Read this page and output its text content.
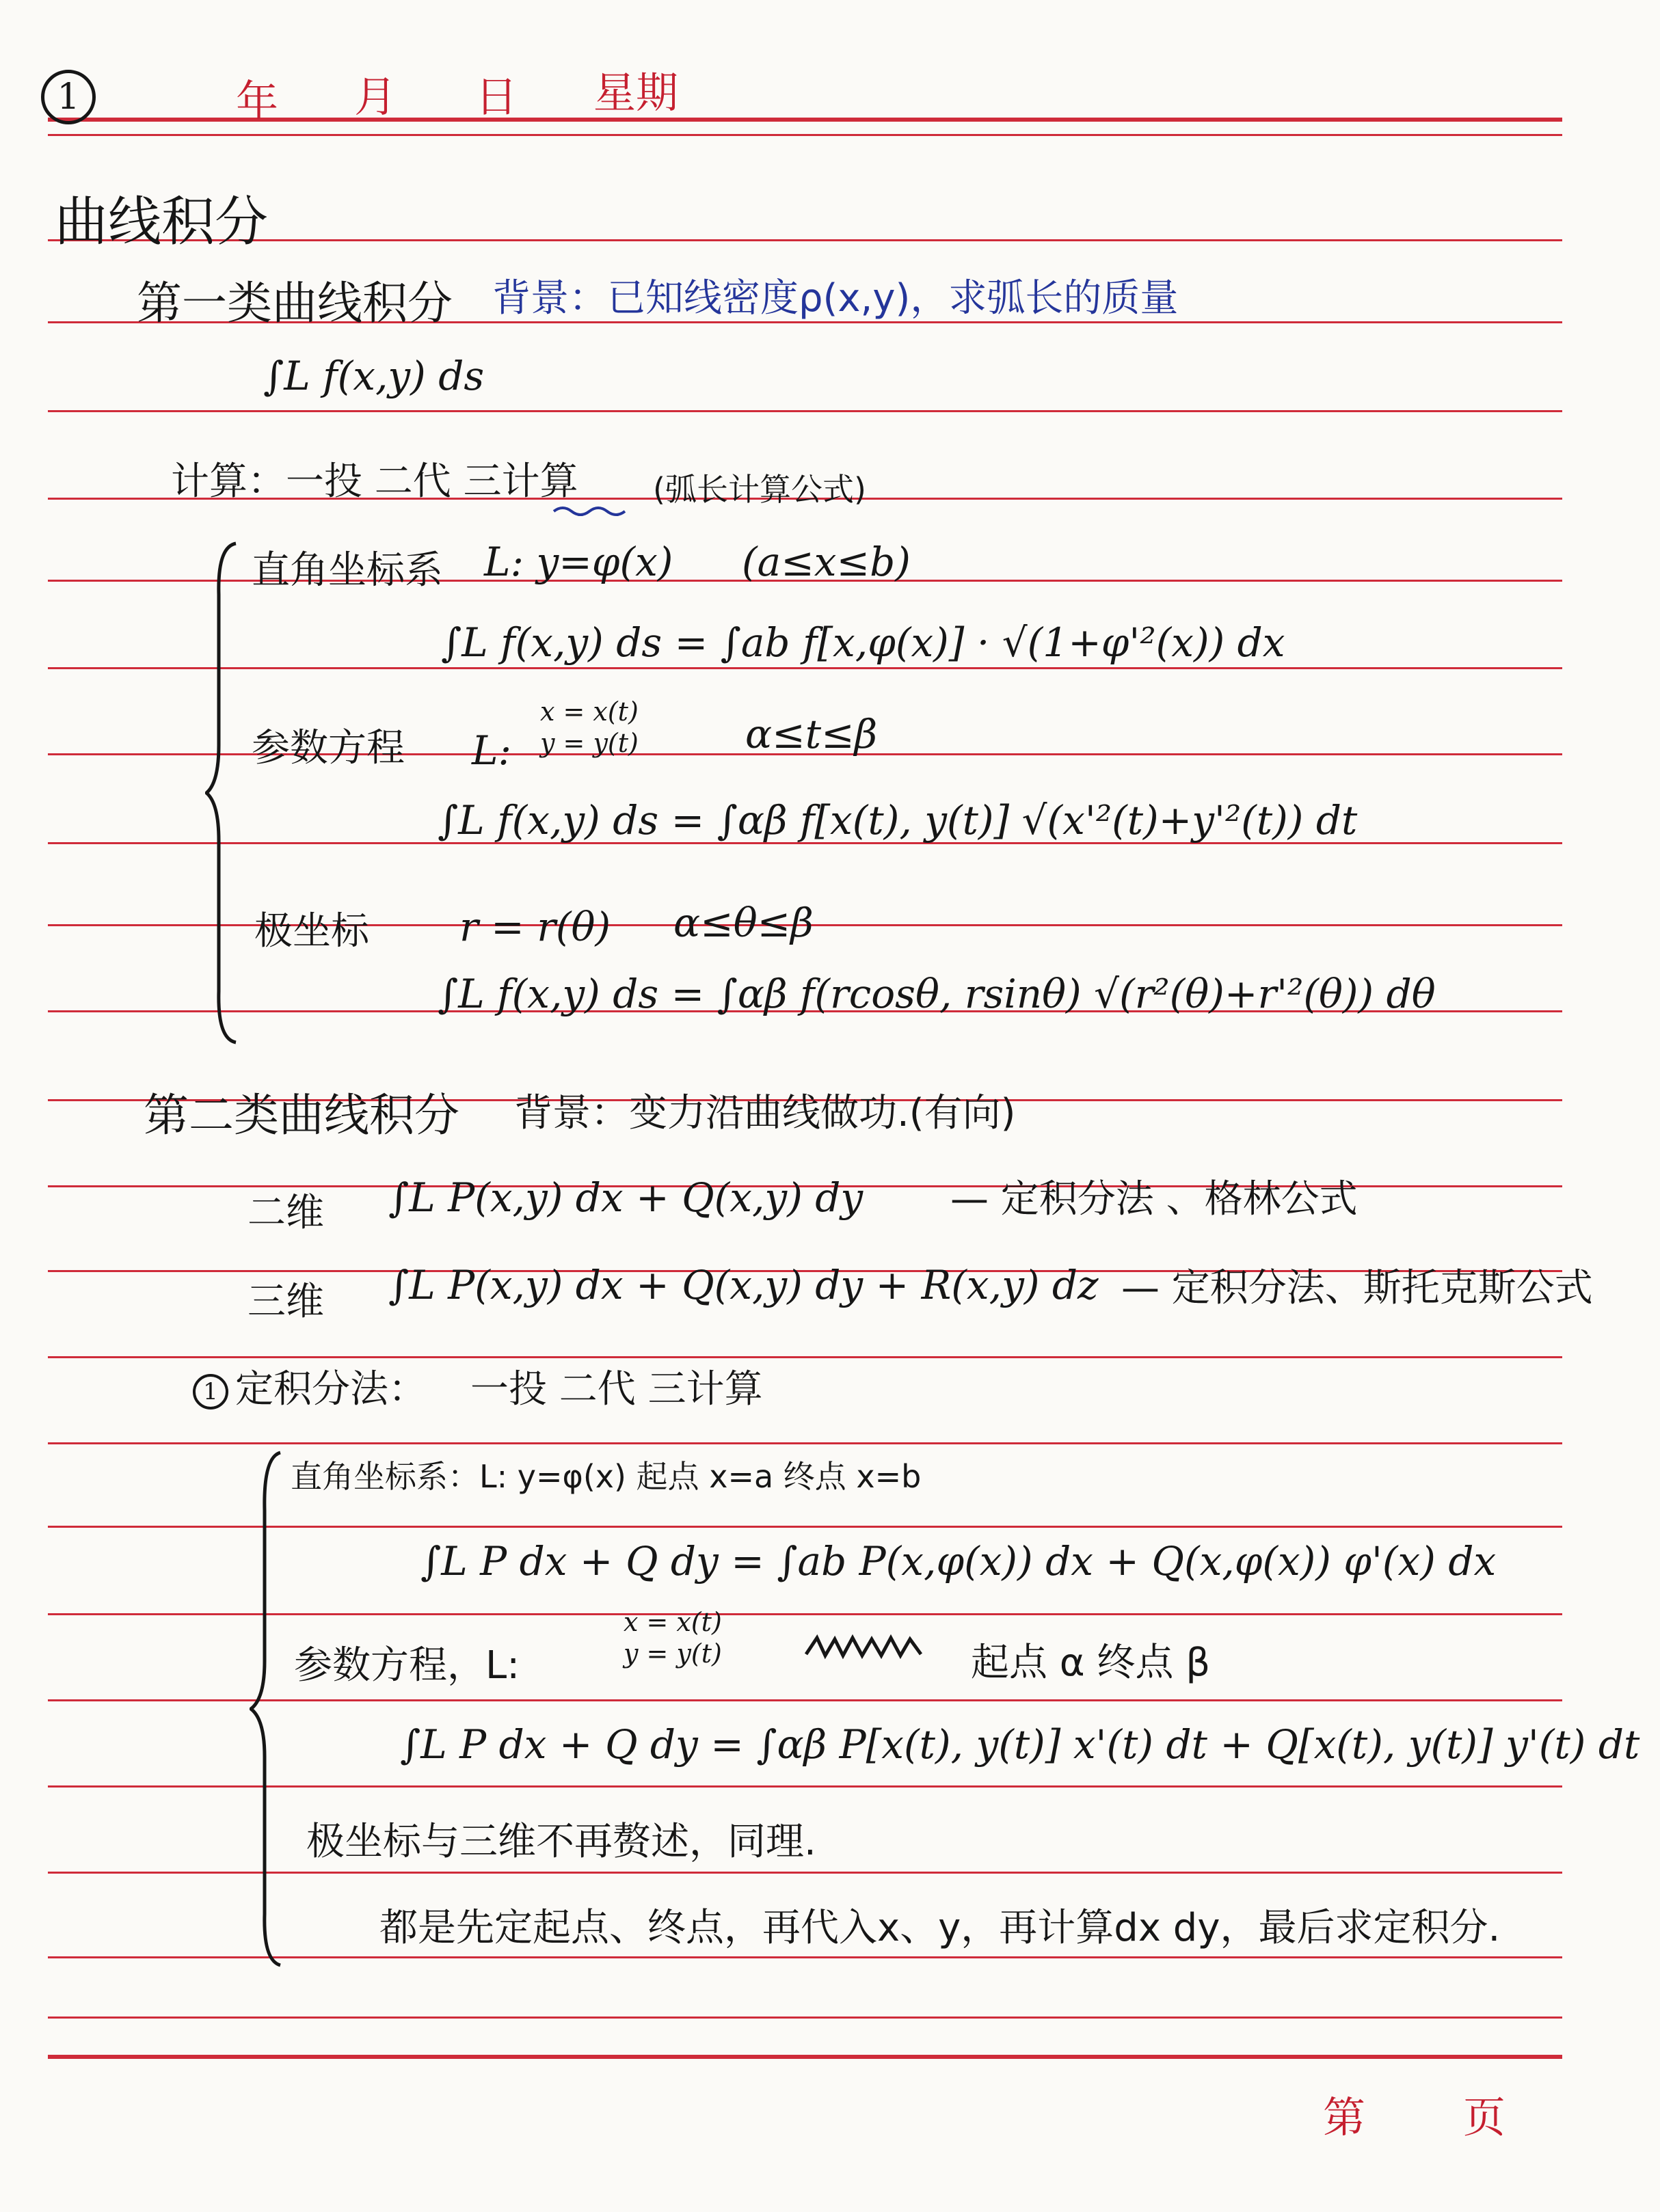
1	年 月 日 星期
曲线积分
第一类曲线积分 背景：已知线密度ρ(x,y)，求弧长的质量
∫L f(x,y) ds
计算：一投 二代 三计算 (弧长计算公式)
直角坐标系 L: y=φ(x) (a≤x≤b)
∫L f(x,y) ds = ∫ab f[x,φ(x)] · √(1+φ'²(x)) dx
参数方程 L:
x = x(t)
y = y(t)	α≤t≤β
∫L f(x,y) ds = ∫αβ f[x(t), y(t)] √(x'²(t)+y'²(t)) dt
极坐标 r = r(θ) α≤θ≤β
∫L f(x,y) ds = ∫αβ f(rcosθ, rsinθ) √(r²(θ)+r'²(θ)) dθ
第二类曲线积分 背景：变力沿曲线做功.(有向)
二维 ∫L P(x,y) dx + Q(x,y) dy — 定积分法 、格林公式
三维 ∫L P(x,y) dx + Q(x,y) dy + R(x,y) dz — 定积分法、斯托克斯公式
1 定积分法： 一投 二代 三计算
直角坐标系：L: y=φ(x) 起点 x=a 终点 x=b
∫L P dx + Q dy = ∫ab P(x,φ(x)) dx + Q(x,φ(x)) φ'(x) dx
参数方程，L:
x = x(t)
y = y(t)	起点 α 终点 β
∫L P dx + Q dy = ∫αβ P[x(t), y(t)] x'(t) dt + Q[x(t), y(t)] y'(t) dt
极坐标与三维不再赘述，同理.
都是先定起点、终点，再代入x、y，再计算dx dy，最后求定积分.
第 页
